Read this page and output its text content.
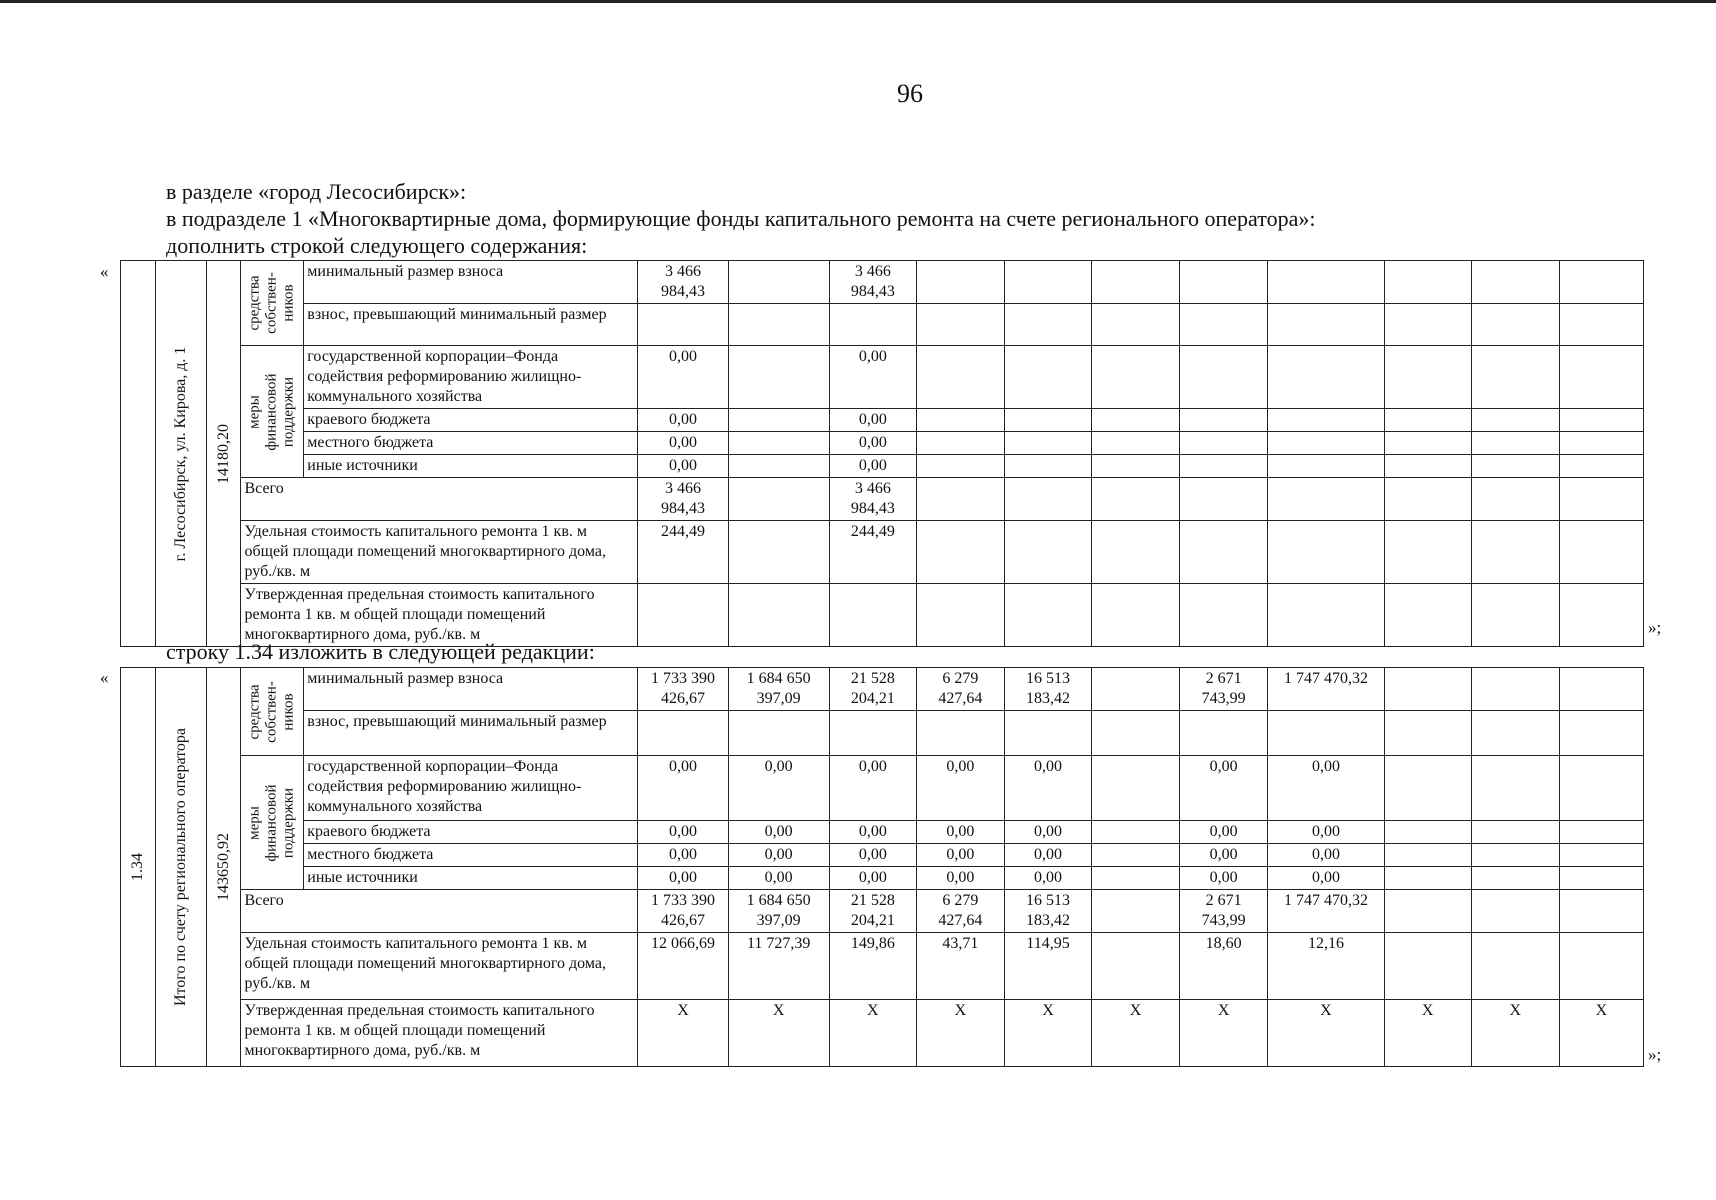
96
в разделе «город Лесосибирск»:
в подразделе 1 «Многоквартирные дома, формирующие фонды капитального ремонта на счете регионального оператора»:
дополнить строкой следующего содержания:
строку 1.34 изложить в следующей редакции:
«
»;
«
»;

	г. Лесосибирск, ул. Кирова, д. 1	14180,20	средства собствен- ников	минимальный размер взноса	3 466 984,43		3 466 984,43								
				взнос, превышающий минимальный размер											

			меры финансовой поддержки	государственной корпорации–Фонда содействия реформированию жилищно-коммунального хозяйства	0,00		0,00								
				краевого бюджета	0,00		0,00								
				местного бюджета	0,00		0,00								
				иные источники	0,00		0,00								
			Всего		3 466 984,43		3 466 984,43								
			Удельная стоимость капитального ремонта 1 кв. м общей площади помещений многоквартирного дома, руб./кв. м		244,49		244,49								
			Утвержденная предельная стоимость капитального ремонта 1 кв. м общей площади помещений многоквартирного дома, руб./кв. м												
1.34	Итого по счету регионального оператора	143650,92	средства собствен- ников	минимальный размер взноса	1 733 390 426,67	1 684 650 397,09	21 528 204,21	6 279 427,64	16 513 183,42		2 671 743,99	1 747 470,32			
				взнос, превышающий минимальный размер											

			меры финансовой поддержки	государственной корпорации–Фонда содействия реформированию жилищно-коммунального хозяйства	0,00	0,00	0,00	0,00	0,00		0,00	0,00			
				краевого бюджета	0,00	0,00	0,00	0,00	0,00		0,00	0,00			
				местного бюджета	0,00	0,00	0,00	0,00	0,00		0,00	0,00			
				иные источники	0,00	0,00	0,00	0,00	0,00		0,00	0,00			
			Всего		1 733 390 426,67	1 684 650 397,09	21 528 204,21	6 279 427,64	16 513 183,42		2 671 743,99	1 747 470,32			
			Удельная стоимость капитального ремонта 1 кв. м общей площади помещений многоквартирного дома, руб./кв. м		12 066,69	11 727,39	149,86	43,71	114,95		18,60	12,16			
			Утвержденная предельная стоимость капитального ремонта 1 кв. м общей площади помещений многоквартирного дома, руб./кв. м		X	X	X	X	X	X	X	X	X	X	X
